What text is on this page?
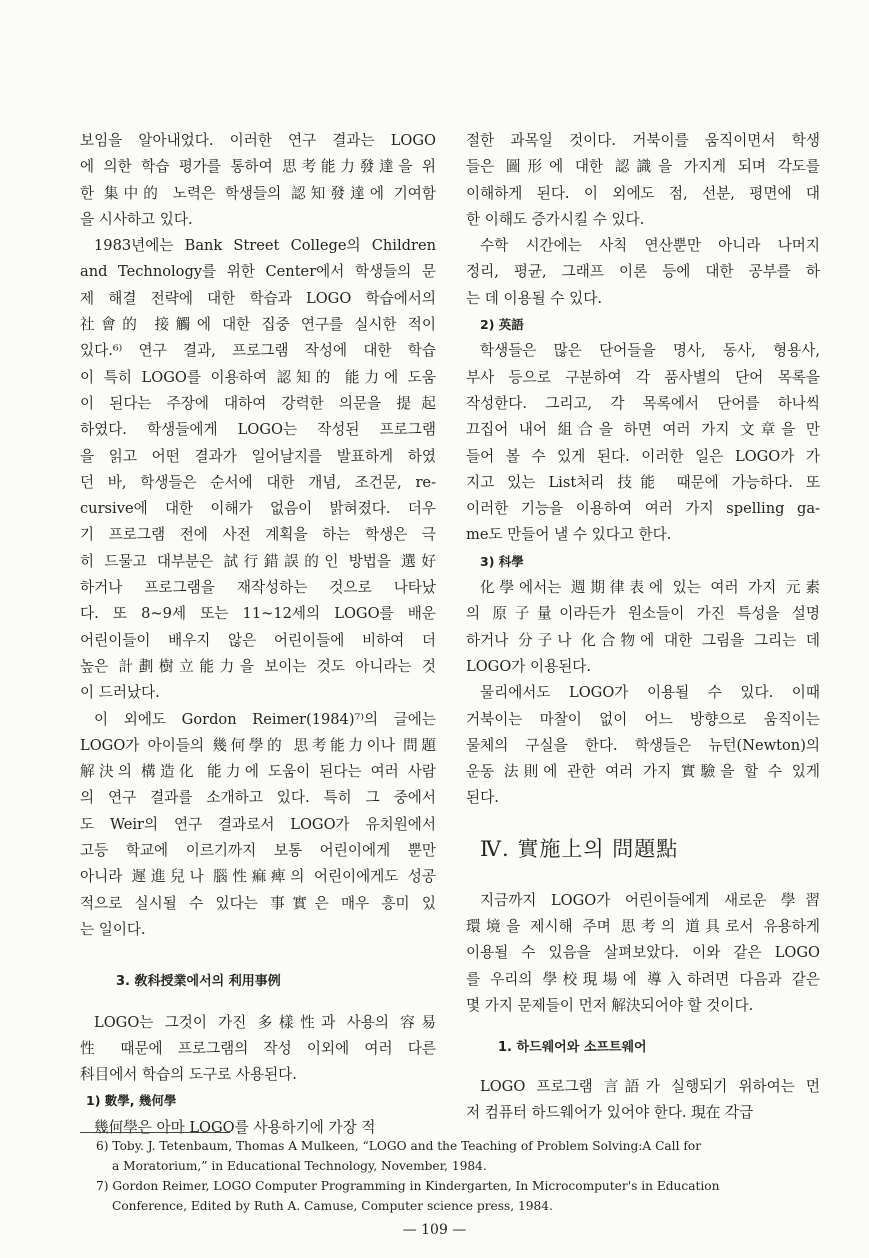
보임을 알아내었다. 이러한 연구 결과는 LOGO
에 의한 학습 평가를 통하여 思考能力發達을 위
한 集中的 노력은 학생들의 認知發達에 기여함
을 시사하고 있다.
1983년에는 Bank Street College의 Children
and Technology를 위한 Center에서 학생들의 문
제 해결 전략에 대한 학습과 LOGO 학습에서의
社會的 接觸에 대한 집중 연구를 실시한 적이
있다.⁶⁾ 연구 결과, 프로그램 작성에 대한 학습
이 특히 LOGO를 이용하여 認知的 能力에 도움
이 된다는 주장에 대하여 강력한 의문을 提起
하였다. 학생들에게 LOGO는 작성된 프로그램
을 읽고 어떤 결과가 일어날지를 발표하게 하였
던 바, 학생들은 순서에 대한 개념, 조건문, re-
cursive에 대한 이해가 없음이 밝혀졌다. 더우
기 프로그램 전에 사전 계획을 하는 학생은 극
히 드물고 대부분은 試行錯誤的인 방법을 選好
하거나 프로그램을 재작성하는 것으로 나타났
다. 또 8~9세 또는 11~12세의 LOGO를 배운
어린이들이 배우지 않은 어린이들에 비하여 더
높은 計劃樹立能力을 보이는 것도 아니라는 것
이 드러났다.
이 외에도 Gordon Reimer(1984)⁷⁾의 글에는
LOGO가 아이들의 幾何學的 思考能力이나 問題
解決의 構造化 能力에 도움이 된다는 여러 사람
의 연구 결과를 소개하고 있다. 특히 그 중에서
도 Weir의 연구 결과로서 LOGO가 유치원에서
고등 학교에 이르기까지 보통 어린이에게 뿐만
아니라 遲進兒나 腦性痲痺의 어린이에게도 성공
적으로 실시될 수 있다는 事實은 매우 흥미 있
는 일이다.
3. 敎科授業에서의 利用事例
LOGO는 그것이 가진 多樣性과 사용의 容易
性 때문에 프로그램의 작성 이외에 여러 다른
科目에서 학습의 도구로 사용된다.
1) 數學, 幾何學
幾何學은 아마 LOGO를 사용하기에 가장 적
절한 과목일 것이다. 거북이를 움직이면서 학생
들은 圖形에 대한 認識을 가지게 되며 각도를
이해하게 된다. 이 외에도 점, 선분, 평면에 대
한 이해도 증가시킬 수 있다.
수학 시간에는 사칙 연산뿐만 아니라 나머지
정리, 평균, 그래프 이론 등에 대한 공부를 하
는 데 이용될 수 있다.
2) 英語
학생들은 많은 단어들을 명사, 동사, 형용사,
부사 등으로 구분하여 각 품사별의 단어 목록을
작성한다. 그리고, 각 목록에서 단어를 하나씩
끄집어 내어 組合을 하면 여러 가지 文章을 만
들어 볼 수 있게 된다. 이러한 일은 LOGO가 가
지고 있는 List처리 技能 때문에 가능하다. 또
이러한 기능을 이용하여 여러 가지 spelling ga-
me도 만들어 낼 수 있다고 한다.
3) 科學
化學에서는 週期律表에 있는 여러 가지 元素
의 原子量이라든가 원소들이 가진 특성을 설명
하거나 分子나 化合物에 대한 그림을 그리는 데
LOGO가 이용된다.
물리에서도 LOGO가 이용될 수 있다. 이때
거북이는 마찰이 없이 어느 방향으로 움직이는
물체의 구실을 한다. 학생들은 뉴턴(Newton)의
운동 法則에 관한 여러 가지 實驗을 할 수 있게
된다.
Ⅳ. 實施上의 問題點
지금까지 LOGO가 어린이들에게 새로운 學習
環境을 제시해 주며 思考의 道具로서 유용하게
이용될 수 있음을 살펴보았다. 이와 같은 LOGO
를 우리의 學校現場에 導入하려면 다음과 같은
몇 가지 문제들이 먼저 解決되어야 할 것이다.
1. 하드웨어와 소프트웨어
LOGO 프로그램 言語가 실행되기 위하여는 먼
저 컴퓨터 하드웨어가 있어야 한다. 現在 각급
6) Toby. J. Tetenbaum, Thomas A Mulkeen, “LOGO and the Teaching of Problem Solving:A Call for
a Moratorium,” in Educational Technology, November, 1984.
7) Gordon Reimer, LOGO Computer Programming in Kindergarten, In Microcomputer's in Education
Conference, Edited by Ruth A. Camuse, Computer science press, 1984.
— 109 —
